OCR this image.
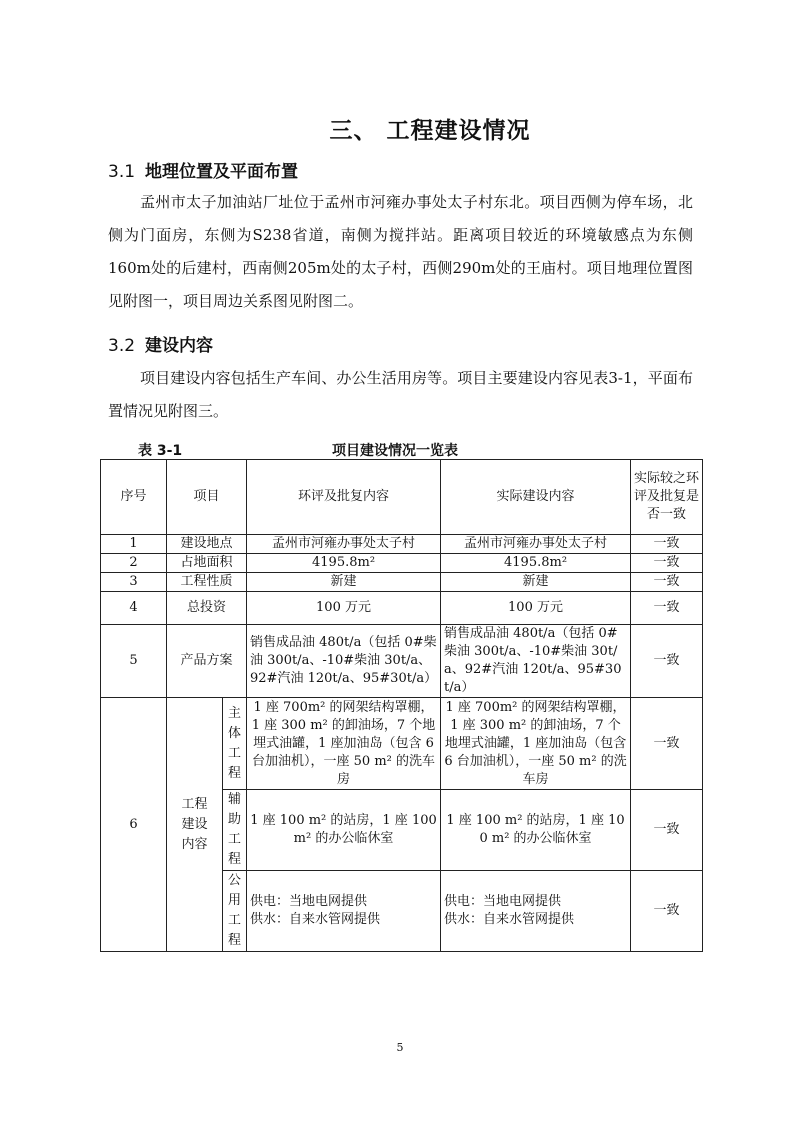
三、 工程建设情况
3.1 地理位置及平面布置
孟州市太子加油站厂址位于孟州市河雍办事处太子村东北。项目西侧为停车场，北侧为门面房，东侧为S238省道，南侧为搅拌站。距离项目较近的环境敏感点为东侧160m处的后建村，西南侧205m处的太子村，西侧290m处的王庙村。项目地理位置图见附图一，项目周边关系图见附图二。
3.2 建设内容
项目建设内容包括生产车间、办公生活用房等。项目主要建设内容见表3-1，平面布置情况见附图三。
表 3-1	项目建设情况一览表
序号	项目		环评及批复内容	实际建设内容	实际较之环评及批复是否一致
1	建设地点		孟州市河雍办事处太子村	孟州市河雍办事处太子村	一致
2	占地面积		4195.8m²	4195.8m²	一致
3	工程性质		新建	新建	一致
4	总投资		100 万元	100 万元	一致
5	产品方案		销售成品油 480t/a（包括 0#柴油 300t/a、-10#柴油 30t/a、92#汽油 120t/a、95#30t/a）	销售成品油 480t/a（包括 0#柴油 300t/a、-10#柴油 30t/a、92#汽油 120t/a、95#30t/a）	一致
6	工程建设内容	主体工程	1 座 700m² 的网架结构罩棚，1 座 300 m² 的卸油场，7 个地埋式油罐，1 座加油岛（包含 6 台加油机），一座 50 m² 的洗车房	1 座 700m² 的网架结构罩棚，1 座 300 m² 的卸油场，7 个地埋式油罐，1 座加油岛（包含 6 台加油机），一座 50 m² 的洗车房	一致
		辅助工程	1 座 100 m² 的站房，1 座 100 m² 的办公临休室	1 座 100 m² 的站房，1 座 100 m² 的办公临休室	一致
		公用工程	供电：当地电网提供
供水：自来水管网提供	供电：当地电网提供
供水：自来水管网提供	一致
5
